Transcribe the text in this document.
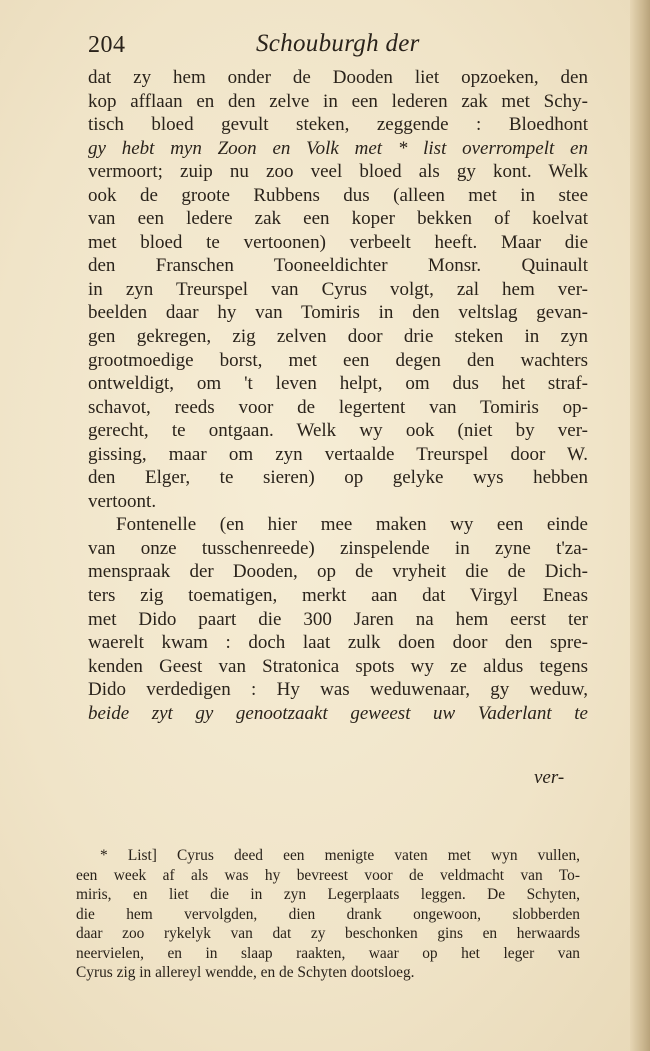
204	Schouburgh der
dat zy hem onder de Dooden liet opzoeken, den
kop afflaan en den zelve in een lederen zak met Schy-
tisch bloed gevult steken, zeggende : Bloedhont
gy hebt myn Zoon en Volk met * list overrompelt en
vermoort; zuip nu zoo veel bloed als gy kont. Welk
ook de groote Rubbens dus (alleen met in stee
van een ledere zak een koper bekken of koelvat
met bloed te vertoonen) verbeelt heeft. Maar die
den Franschen Tooneeldichter Monsr. Quinault
in zyn Treurspel van Cyrus volgt, zal hem ver-
beelden daar hy van Tomiris in den veltslag gevan-
gen gekregen, zig zelven door drie steken in zyn
grootmoedige borst, met een degen den wachters
ontweldigt, om 't leven helpt, om dus het straf-
schavot, reeds voor de legertent van Tomiris op-
gerecht, te ontgaan. Welk wy ook (niet by ver-
gissing, maar om zyn vertaalde Treurspel door W.
den Elger, te sieren) op gelyke wys hebben
vertoont.
Fontenelle (en hier mee maken wy een einde
van onze tusschenreede) zinspelende in zyne t'za-
menspraak der Dooden, op de vryheit die de Dich-
ters zig toematigen, merkt aan dat Virgyl Eneas
met Dido paart die 300 Jaren na hem eerst ter
waerelt kwam : doch laat zulk doen door den spre-
kenden Geest van Stratonica spots wy ze aldus tegens
Dido verdedigen : Hy was weduwenaar, gy weduw,
beide zyt gy genootzaakt geweest uw Vaderlant te
ver-
* List] Cyrus deed een menigte vaten met wyn vullen,
een week af als was hy bevreest voor de veldmacht van To-
miris, en liet die in zyn Legerplaats leggen. De Schyten,
die hem vervolgden, dien drank ongewoon, slobberden
daar zoo rykelyk van dat zy beschonken gins en herwaards
neervielen, en in slaap raakten, waar op het leger van
Cyrus zig in allereyl wendde, en de Schyten dootsloeg.
